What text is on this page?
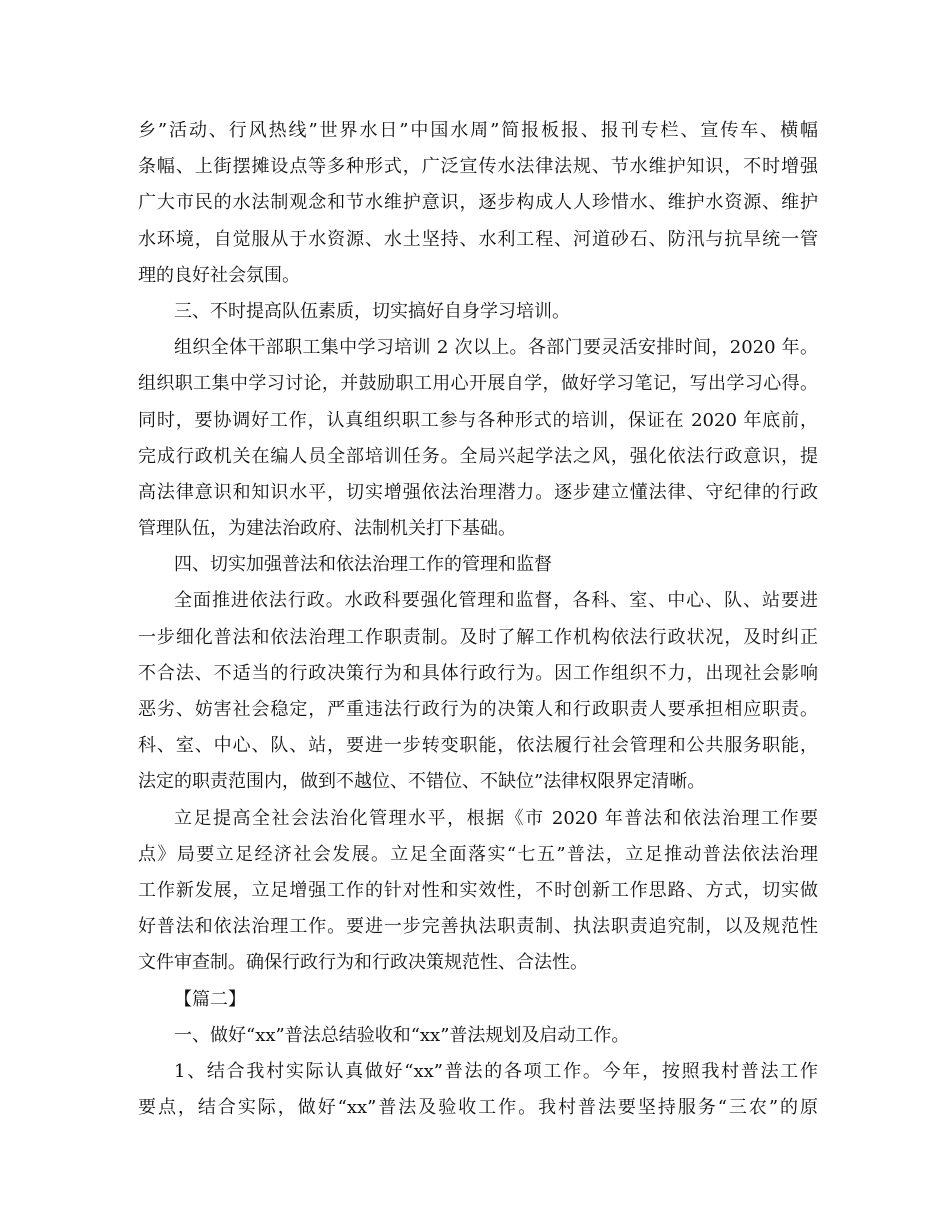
乡”活动、行风热线”世界水日”中国水周”简报板报、报刊专栏、宣传车、横幅
条幅、上街摆摊设点等多种形式，广泛宣传水法律法规、节水维护知识，不时增强
广大市民的水法制观念和节水维护意识，逐步构成人人珍惜水、维护水资源、维护
水环境，自觉服从于水资源、水土坚持、水利工程、河道砂石、防汛与抗旱统一管
理的良好社会氛围。
三、不时提高队伍素质，切实搞好自身学习培训。
组织全体干部职工集中学习培训 2 次以上。各部门要灵活安排时间，2020 年。
组织职工集中学习讨论，并鼓励职工用心开展自学，做好学习笔记，写出学习心得。
同时，要协调好工作，认真组织职工参与各种形式的培训，保证在 2020 年底前，
完成行政机关在编人员全部培训任务。全局兴起学法之风，强化依法行政意识，提
高法律意识和知识水平，切实增强依法治理潜力。逐步建立懂法律、守纪律的行政
管理队伍，为建法治政府、法制机关打下基础。
四、切实加强普法和依法治理工作的管理和监督
全面推进依法行政。水政科要强化管理和监督，各科、室、中心、队、站要进
一步细化普法和依法治理工作职责制。及时了解工作机构依法行政状况，及时纠正
不合法、不适当的行政决策行为和具体行政行为。因工作组织不力，出现社会影响
恶劣、妨害社会稳定，严重违法行政行为的决策人和行政职责人要承担相应职责。
科、室、中心、队、站，要进一步转变职能，依法履行社会管理和公共服务职能，
法定的职责范围内，做到不越位、不错位、不缺位”法律权限界定清晰。
立足提高全社会法治化管理水平，根据《市 2020 年普法和依法治理工作要
点》局要立足经济社会发展。立足全面落实“七五”普法，立足推动普法依法治理
工作新发展，立足增强工作的针对性和实效性，不时创新工作思路、方式，切实做
好普法和依法治理工作。要进一步完善执法职责制、执法职责追究制，以及规范性
文件审查制。确保行政行为和行政决策规范性、合法性。
【篇二】
一、做好“xx”普法总结验收和“xx”普法规划及启动工作。
1、结合我村实际认真做好“xx”普法的各项工作。今年，按照我村普法工作
要点，结合实际，做好“xx”普法及验收工作。我村普法要坚持服务“三农”的原
